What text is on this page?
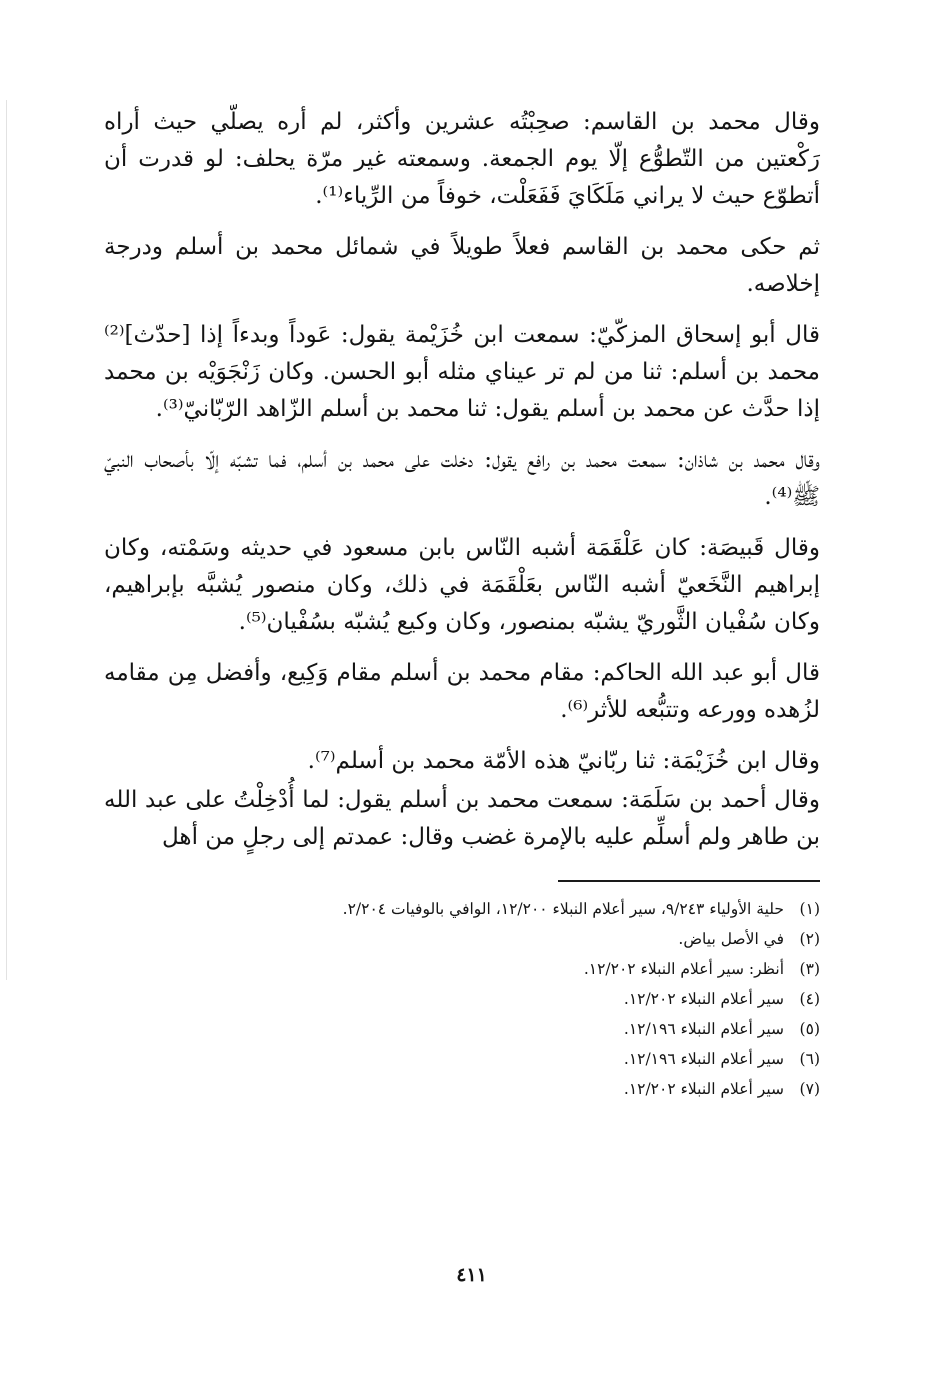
وقال محمد بن القاسم: صحِبْتُه عشرين وأكثر، لم أره يصلّي حيث أراه رَكْعتين من التّطوُّع إلّا يوم الجمعة. وسمعته غير مرّة يحلف: لو قدرت أن أتطوّع حيث لا يراني مَلَكَايَ فَفَعَلْت، خوفاً من الرِّياء⁽¹⁾.

ثم حكى محمد بن القاسم فعلاً طويلاً في شمائل محمد بن أسلم ودرجة إخلاصه.

قال أبو إسحاق المزكّيّ: سمعت ابن خُزَيْمة يقول: عَوداً وبدءاً إذا [حدّث]⁽²⁾ محمد بن أسلم: ثنا من لم تر عيناي مثله أبو الحسن. وكان زَنْجَوَيْه بن محمد إذا حدَّث عن محمد بن أسلم يقول: ثنا محمد بن أسلم الزّاهد الرّبّانيّ⁽³⁾.

وقال محمد بن شاذان: سمعت محمد بن رافع يقول: دخلت على محمد بن أسلم، فما تشبّه إلّا بأصحاب النبيّ ﷺ⁽⁴⁾.

وقال قَبيصَة: كان عَلْقَمَة أشبه النّاس بابن مسعود في حديثه وسَمْته، وكان إبراهيم النَّخَعيّ أشبه النّاس بعَلْقَمَة في ذلك، وكان منصور يُشبَّه بإبراهيم، وكان سُفْيان الثَّوريّ يشبّه بمنصور، وكان وكيع يُشبّه بسُفْيان⁽⁵⁾.

قال أبو عبد الله الحاكم: مقام محمد بن أسلم مقام وَكِيع، وأفضل مِن مقامه لزُهده وورعه وتتبُّعه للأثر⁽⁶⁾.

وقال ابن خُزَيْمَة: ثنا ربّانيّ هذه الأمّة محمد بن أسلم⁽⁷⁾.

وقال أحمد بن سَلَمَة: سمعت محمد بن أسلم يقول: لما أُدْخِلْتُ على عبد الله بن طاهر ولم أسلِّم عليه بالإمرة غضب وقال: عمدتم إلى رجلٍ من أهل

(١)
حلية الأولياء ٩/٢٤٣، سير أعلام النبلاء ١٢/٢٠٠، الوافي بالوفيات ٢/٢٠٤.
(٢)
في الأصل بياض.
(٣)
أنظر: سير أعلام النبلاء ١٢/٢٠٢.
(٤)
سير أعلام النبلاء ١٢/٢٠٢.
(٥)
سير أعلام النبلاء ١٢/١٩٦.
(٦)
سير أعلام النبلاء ١٢/١٩٦.
(٧)
سير أعلام النبلاء ١٢/٢٠٢.
٤١١
